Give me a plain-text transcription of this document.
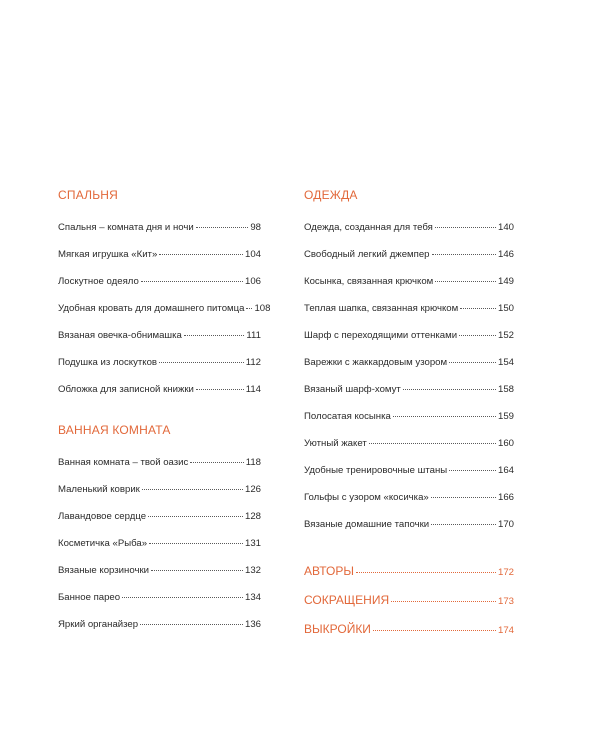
СПАЛЬНЯ
Спальня – комната дня и ночи	98
Мягкая игрушка «Кит»	104
Лоскутное одеяло	106
Удобная кровать для домашнего питомца 108
Вязаная овечка-обнимашка	111
Подушка из лоскутков	112
Обложка для записной книжки	114
ВАННАЯ КОМНАТА
Ванная комната – твой оазис	118
Маленький коврик	126
Лавандовое сердце	128
Косметичка «Рыба»	131
Вязаные корзиночки	132
Банное парео	134
Яркий органайзер	136
ОДЕЖДА
Одежда, созданная для тебя	140
Свободный легкий джемпер	146
Косынка, связанная крючком	149
Теплая шапка, связанная крючком	150
Шарф с переходящими оттенками	152
Варежки с жаккардовым узором	154
Вязаный шарф-хомут	158
Полосатая косынка	159
Уютный жакет	160
Удобные тренировочные штаны	164
Гольфы с узором «косичка»	166
Вязаные домашние тапочки	170
АВТОРЫ	172
СОКРАЩЕНИЯ	173
ВЫКРОЙКИ	174
